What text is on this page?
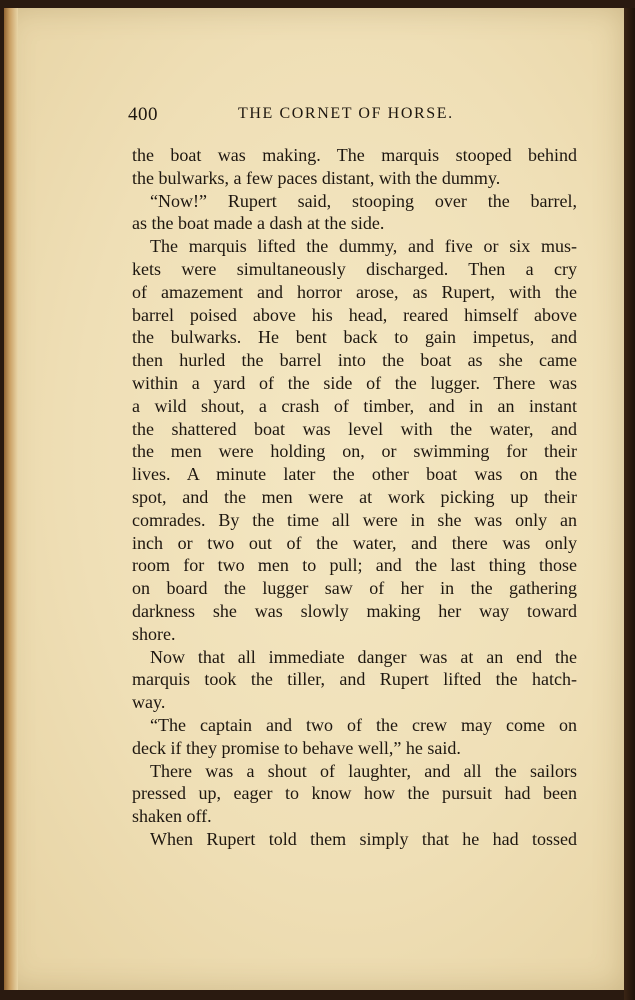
400	THE CORNET OF HORSE.
the boat was making. The marquis stooped behind
the bulwarks, a few paces distant, with the dummy.
“Now!” Rupert said, stooping over the barrel,
as the boat made a dash at the side.
The marquis lifted the dummy, and five or six mus-
kets were simultaneously discharged. Then a cry
of amazement and horror arose, as Rupert, with the
barrel poised above his head, reared himself above
the bulwarks. He bent back to gain impetus, and
then hurled the barrel into the boat as she came
within a yard of the side of the lugger. There was
a wild shout, a crash of timber, and in an instant
the shattered boat was level with the water, and
the men were holding on, or swimming for their
lives. A minute later the other boat was on the
spot, and the men were at work picking up their
comrades. By the time all were in she was only an
inch or two out of the water, and there was only
room for two men to pull; and the last thing those
on board the lugger saw of her in the gathering
darkness she was slowly making her way toward
shore.
Now that all immediate danger was at an end the
marquis took the tiller, and Rupert lifted the hatch-
way.
“The captain and two of the crew may come on
deck if they promise to behave well,” he said.
There was a shout of laughter, and all the sailors
pressed up, eager to know how the pursuit had been
shaken off.
When Rupert told them simply that he had tossed
